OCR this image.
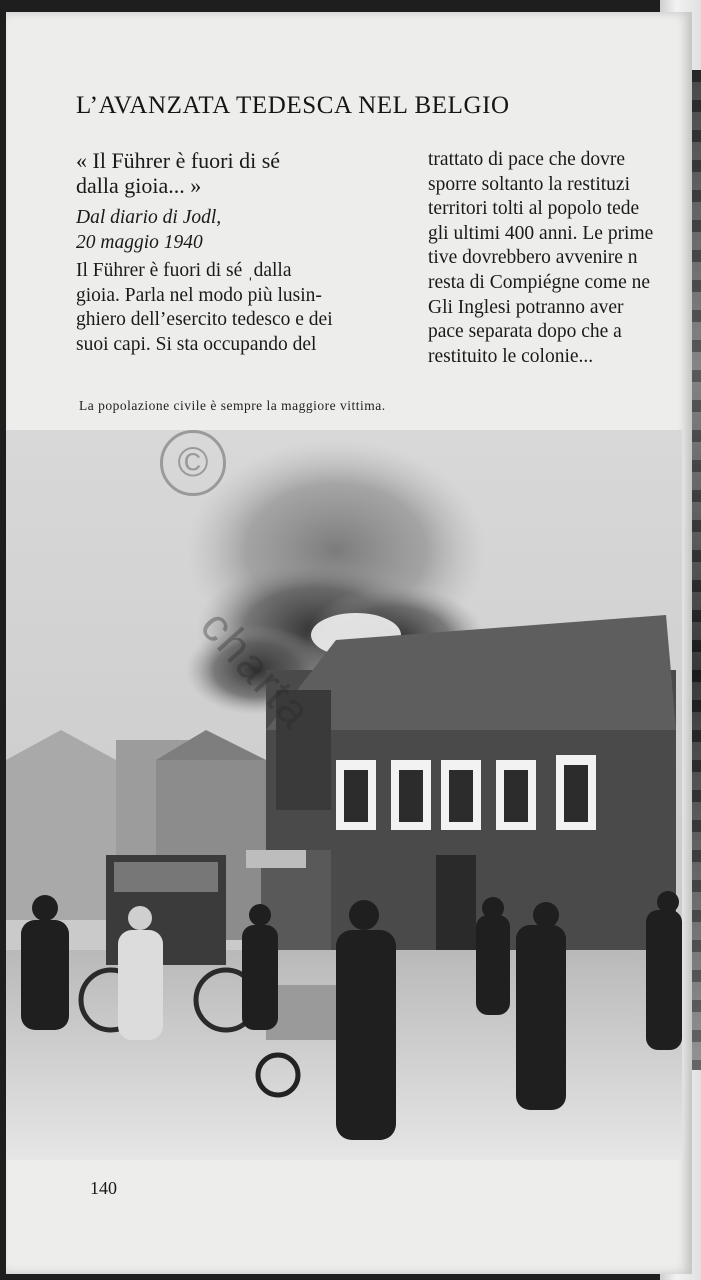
L’AVANZATA TEDESCA NEL BELGIO
« Il Führer è fuori di sé
dalla gioia... »
Dal diario di Jodl,
20 maggio 1940
Il Führer è fuori di sé ˌdalla
gioia. Parla nel modo più lusin-
ghiero dell’esercito tedesco e dei
suoi capi. Si sta occupando del
trattato di pace che dovre
sporre soltanto la restituzi
territori tolti al popolo tede
gli ultimi 400 anni. Le prime
tive dovrebbero avvenire n
resta di Compiégne come ne
Gli Inglesi potranno aver
pace separata dopo che a
restituito le colonie...
La popolazione civile è sempre la maggiore vittima.
©
charta
140
